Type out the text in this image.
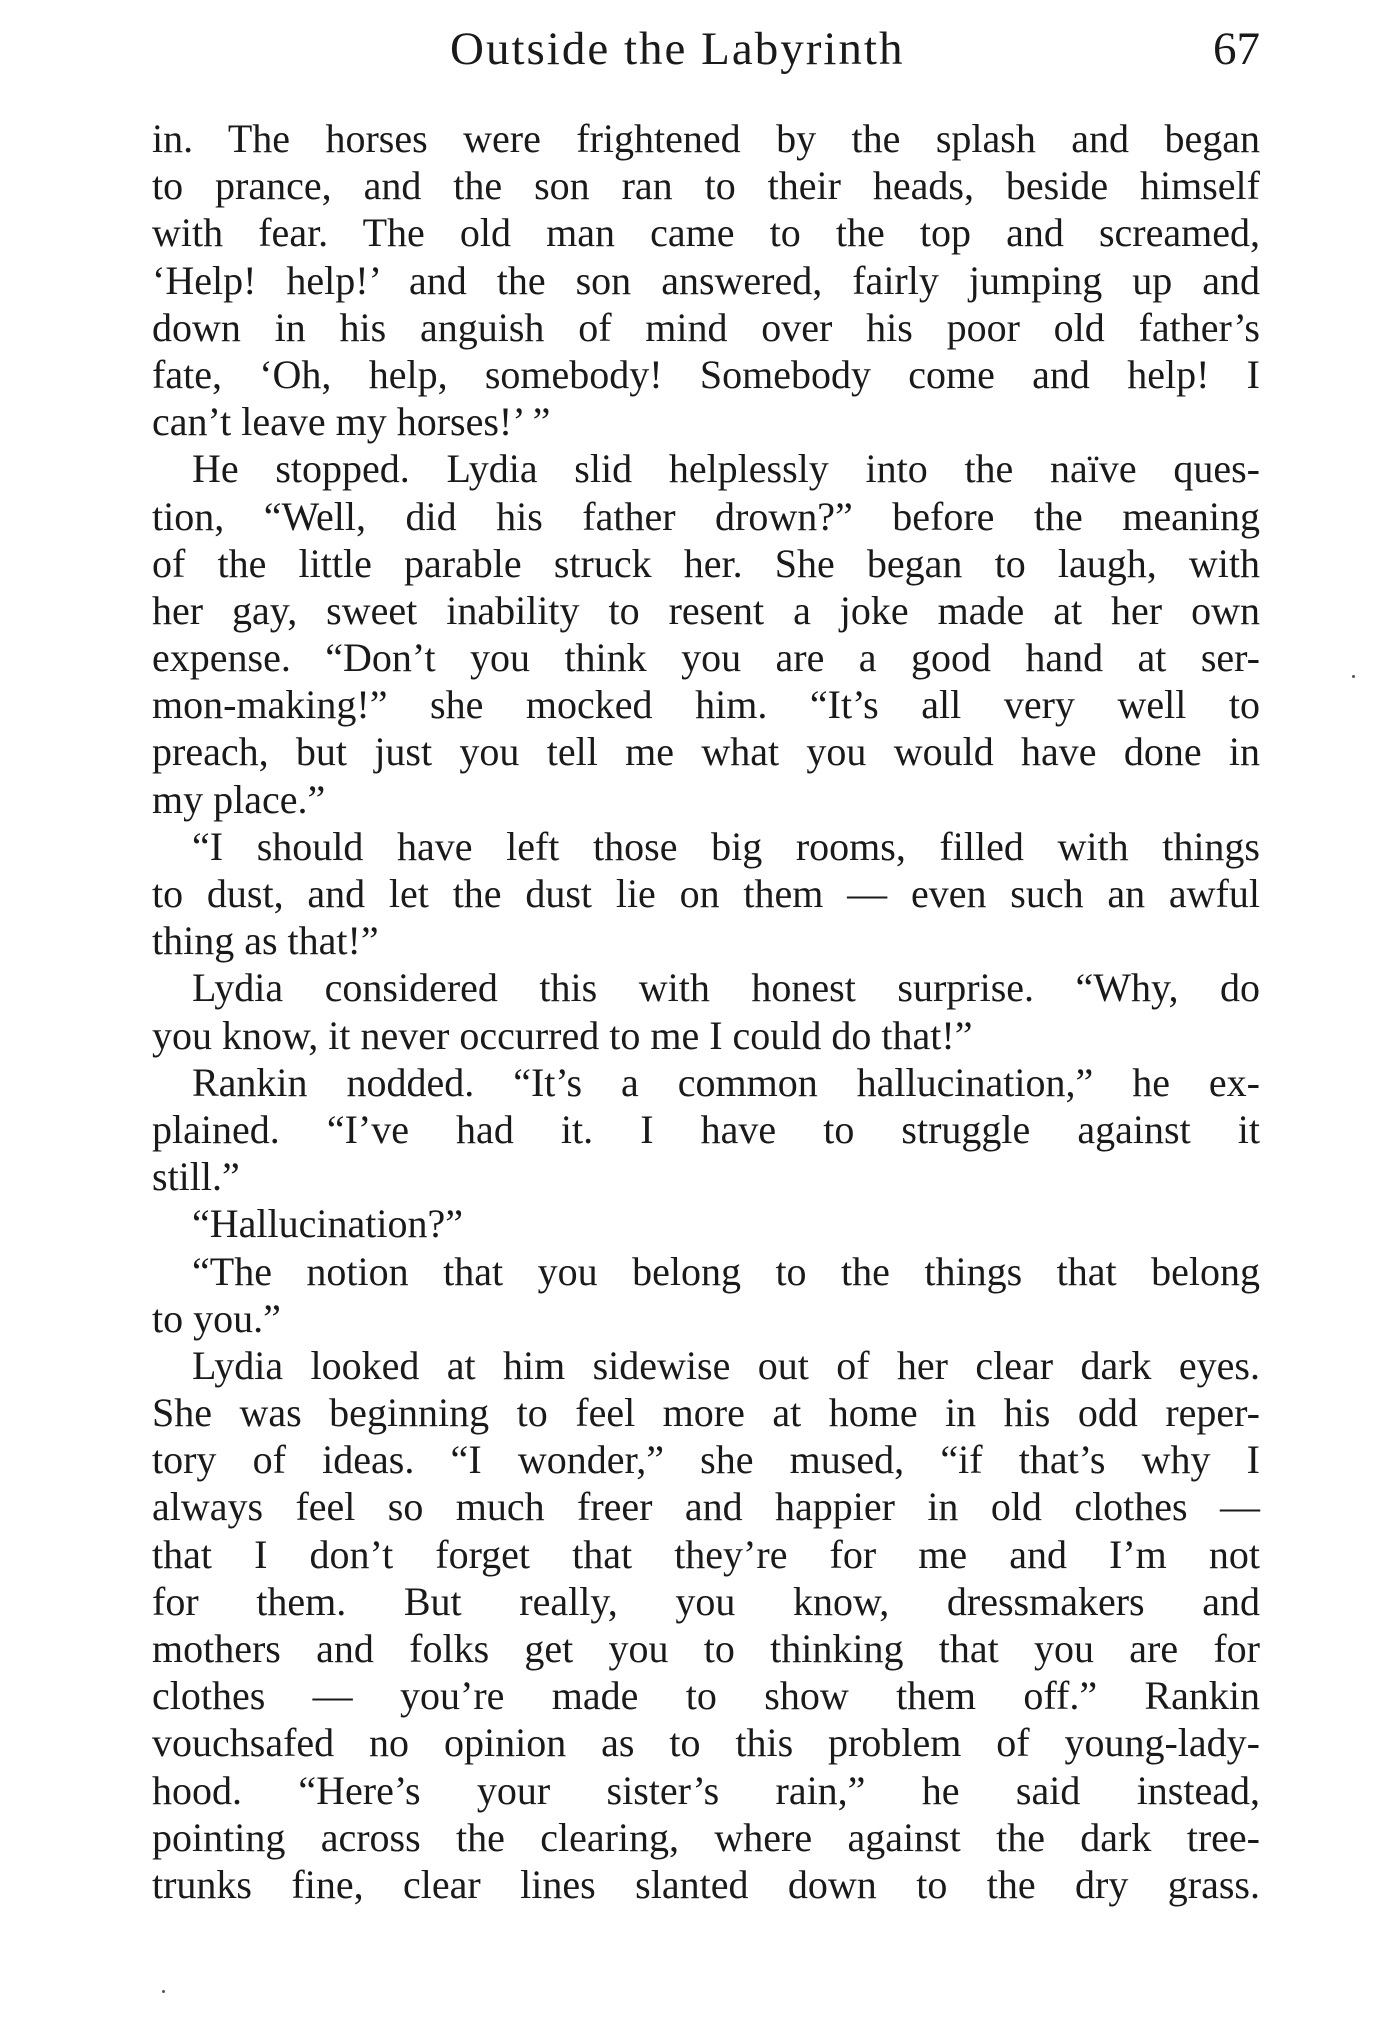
Outside the Labyrinth	67
in. The horses were frightened by the splash and began
to prance, and the son ran to their heads, beside himself
with fear. The old man came to the top and screamed,
‘Help! help!’ and the son answered, fairly jumping up and
down in his anguish of mind over his poor old father’s
fate, ‘Oh, help, somebody! Somebody come and help! I
can’t leave my horses!’ ”
He stopped. Lydia slid helplessly into the naïve ques-
tion, “Well, did his father drown?” before the meaning
of the little parable struck her. She began to laugh, with
her gay, sweet inability to resent a joke made at her own
expense. “Don’t you think you are a good hand at ser-
mon-making!” she mocked him. “It’s all very well to
preach, but just you tell me what you would have done in
my place.”
“I should have left those big rooms, filled with things
to dust, and let the dust lie on them — even such an awful
thing as that!”
Lydia considered this with honest surprise. “Why, do
you know, it never occurred to me I could do that!”
Rankin nodded. “It’s a common hallucination,” he ex-
plained. “I’ve had it. I have to struggle against it
still.”
“Hallucination?”
“The notion that you belong to the things that belong
to you.”
Lydia looked at him sidewise out of her clear dark eyes.
She was beginning to feel more at home in his odd reper-
tory of ideas. “I wonder,” she mused, “if that’s why I
always feel so much freer and happier in old clothes —
that I don’t forget that they’re for me and I’m not
for them. But really, you know, dressmakers and
mothers and folks get you to thinking that you are for
clothes — you’re made to show them off.” Rankin
vouchsafed no opinion as to this problem of young-lady-
hood. “Here’s your sister’s rain,” he said instead,
pointing across the clearing, where against the dark tree-
trunks fine, clear lines slanted down to the dry grass.
